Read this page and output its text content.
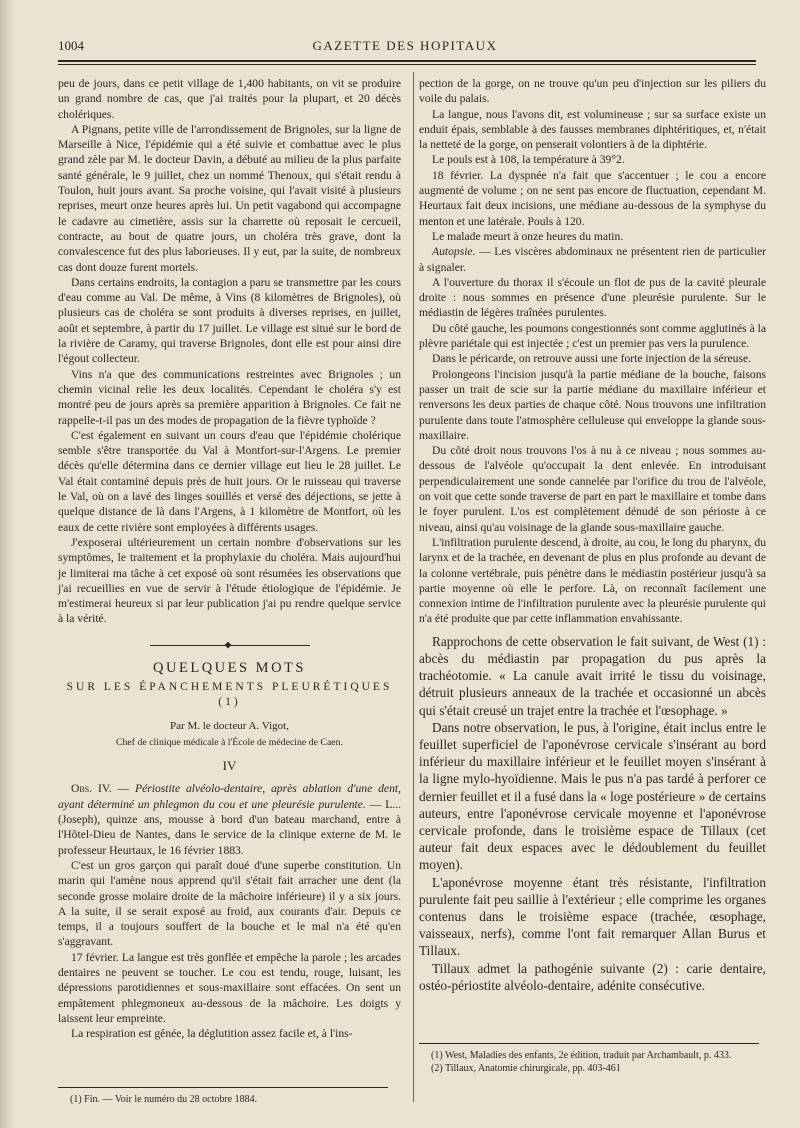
1004	GAZETTE DES HOPITAUX

peu de jours, dans ce petit village de 1,400 habitants, on vit se produire un grand nombre de cas, que j'ai traités pour la plupart, et 20 décès cholériques.

A Pignans, petite ville de l'arrondissement de Brignoles, sur la ligne de Marseille à Nice, l'épidémie qui a été suivie et combattue avec le plus grand zèle par M. le docteur Davin, a débuté au milieu de la plus parfaite santé générale, le 9 juillet, chez un nommé Thenoux, qui s'était rendu à Toulon, huit jours avant. Sa proche voisine, qui l'avait visité à plusieurs reprises, meurt onze heures après lui. Un petit vagabond qui accompagne le cadavre au cimetière, assis sur la charrette où reposait le cercueil, contracte, au bout de quatre jours, un choléra très grave, dont la convalescence fut des plus laborieuses. Il y eut, par la suite, de nombreux cas dont douze furent mortels.

Dans certains endroits, la contagion a paru se transmettre par les cours d'eau comme au Val. De même, à Vins (8 kilomètres de Brignoles), où plusieurs cas de choléra se sont produits à diverses reprises, en juillet, août et septembre, à partir du 17 juillet. Le village est situé sur le bord de la rivière de Caramy, qui traverse Brignoles, dont elle est pour ainsi dire l'égout collecteur.

Vins n'a que des communications restreintes avec Brignoles ; un chemin vicinal relie les deux localités. Cependant le choléra s'y est montré peu de jours après sa première apparition à Brignoles. Ce fait ne rappelle-t-il pas un des modes de propagation de la fièvre typhoïde ?

C'est également en suivant un cours d'eau que l'épidémie cholérique semble s'être transportée du Val à Montfort-sur-l'Argens. Le premier décès qu'elle détermina dans ce dernier village eut lieu le 28 juillet. Le Val était contaminé depuis près de huit jours. Or le ruisseau qui traverse le Val, où on a lavé des linges souillés et versé des déjections, se jette à quelque distance de là dans l'Argens, à 1 kilomètre de Montfort, où les eaux de cette rivière sont employées à différents usages.

J'exposerai ultérieurement un certain nombre d'observations sur les symptômes, le traitement et la prophylaxie du choléra. Mais aujourd'hui je limiterai ma tâche à cet exposé où sont résumées les observations que j'ai recueillies en vue de servir à l'étude étiologique de l'épidémie. Je m'estimerai heureux si par leur publication j'ai pu rendre quelque service à la vérité.

QUELQUES MOTS
SUR LES ÉPANCHEMENTS PLEURÉTIQUES (1)
Par M. le docteur A. Vigot,
Chef de clinique médicale à l'École de médecine de Caen.
IV

Obs. IV. — Périostite alvéolo-dentaire, après ablation d'une dent, ayant déterminé un phlegmon du cou et une pleurésie purulente. — L... (Joseph), quinze ans, mousse à bord d'un bateau marchand, entre à l'Hôtel-Dieu de Nantes, dans le service de la clinique externe de M. le professeur Heurtaux, le 16 février 1883.

C'est un gros garçon qui paraît doué d'une superbe constitution. Un marin qui l'amène nous apprend qu'il s'était fait arracher une dent (la seconde grosse molaire droite de la mâchoire inférieure) il y a six jours. A la suite, il se serait exposé au froid, aux courants d'air. Depuis ce temps, il a toujours souffert de la bouche et le mal n'a été qu'en s'aggravant.

17 février. La langue est très gonflée et empêche la parole ; les arcades dentaires ne peuvent se toucher. Le cou est tendu, rouge, luisant, les dépressions parotidiennes et sous-maxillaire sont effacées. On sent un empâtement phlegmoneux au-dessous de la mâchoire. Les doigts y laissent leur empreinte.

La respiration est gênée, la déglutition assez facile et, à l'ins-

(1) Fin. — Voir le numéro du 28 octobre 1884.

pection de la gorge, on ne trouve qu'un peu d'injection sur les piliers du voile du palais.

La langue, nous l'avons dit, est volumineuse ; sur sa surface existe un enduit épais, semblable à des fausses membranes diphtéritiques, et, n'était la netteté de la gorge, on penserait volontiers à de la diphtérie.

Le pouls est à 108, la température à 39°2.

18 février. La dyspnée n'a fait que s'accentuer ; le cou a encore augmenté de volume ; on ne sent pas encore de fluctuation, cependant M. Heurtaux fait deux incisions, une médiane au-dessous de la symphyse du menton et une latérale. Pouls à 120.

Le malade meurt à onze heures du matin.

Autopsie. — Les viscères abdominaux ne présentent rien de particulier à signaler.

A l'ouverture du thorax il s'écoule un flot de pus de la cavité pleurale droite : nous sommes en présence d'une pleurésie purulente. Sur le médiastin de légères traînées purulentes.

Du côté gauche, les poumons congestionnés sont comme agglutinés à la plèvre pariétale qui est injectée ; c'est un premier pas vers la purulence.

Dans le péricarde, on retrouve aussi une forte injection de la séreuse.

Prolongeons l'incision jusqu'à la partie médiane de la bouche, faisons passer un trait de scie sur la partie médiane du maxillaire inférieur et renversons les deux parties de chaque côté. Nous trouvons une infiltration purulente dans toute l'atmosphère celluleuse qui enveloppe la glande sous-maxillaire.

Du côté droit nous trouvons l'os à nu à ce niveau ; nous sommes au-dessous de l'alvéole qu'occupait la dent enlevée. En introduisant perpendiculairement une sonde cannelée par l'orifice du trou de l'alvéole, on voit que cette sonde traverse de part en part le maxillaire et tombe dans le foyer purulent. L'os est complètement dénudé de son périoste à ce niveau, ainsi qu'au voisinage de la glande sous-maxillaire gauche.

L'infiltration purulente descend, à droite, au cou, le long du pharynx, du larynx et de la trachée, en devenant de plus en plus profonde au devant de la colonne vertébrale, puis pénètre dans le médiastin postérieur jusqu'à sa partie moyenne où elle le perfore. Là, on reconnaît facilement une connexion intime de l'infiltration purulente avec la pleurésie purulente qui n'a été produite que par cette inflammation envahissante.

Rapprochons de cette observation le fait suivant, de West (1) : abcès du médiastin par propagation du pus après la trachéotomie. « La canule avait irrité le tissu du voisinage, détruit plusieurs anneaux de la trachée et occasionné un abcès qui s'était creusé un trajet entre la trachée et l'œsophage. »

Dans notre observation, le pus, à l'origine, était inclus entre le feuillet superficiel de l'aponévrose cervicale s'insérant au bord inférieur du maxillaire inférieur et le feuillet moyen s'insérant à la ligne mylo-hyoïdienne. Mais le pus n'a pas tardé à perforer ce dernier feuillet et il a fusé dans la « loge postérieure » de certains auteurs, entre l'aponévrose cervicale moyenne et l'aponévrose cervicale profonde, dans le troisième espace de Tillaux (cet auteur fait deux espaces avec le dédoublement du feuillet moyen).

L'aponévrose moyenne étant très résistante, l'infiltration purulente fait peu saillie à l'extérieur ; elle comprime les organes contenus dans le troisième espace (trachée, œsophage, vaisseaux, nerfs), comme l'ont fait remarquer Allan Burus et Tillaux.

Tillaux admet la pathogénie suivante (2) : carie dentaire, ostéo-périostite alvéolo-dentaire, adénite consécutive.

(1) West, Maladies des enfants, 2e édition, traduit par Archambault, p. 433.
(2) Tillaux, Anatomie chirurgicale, pp. 403-461
